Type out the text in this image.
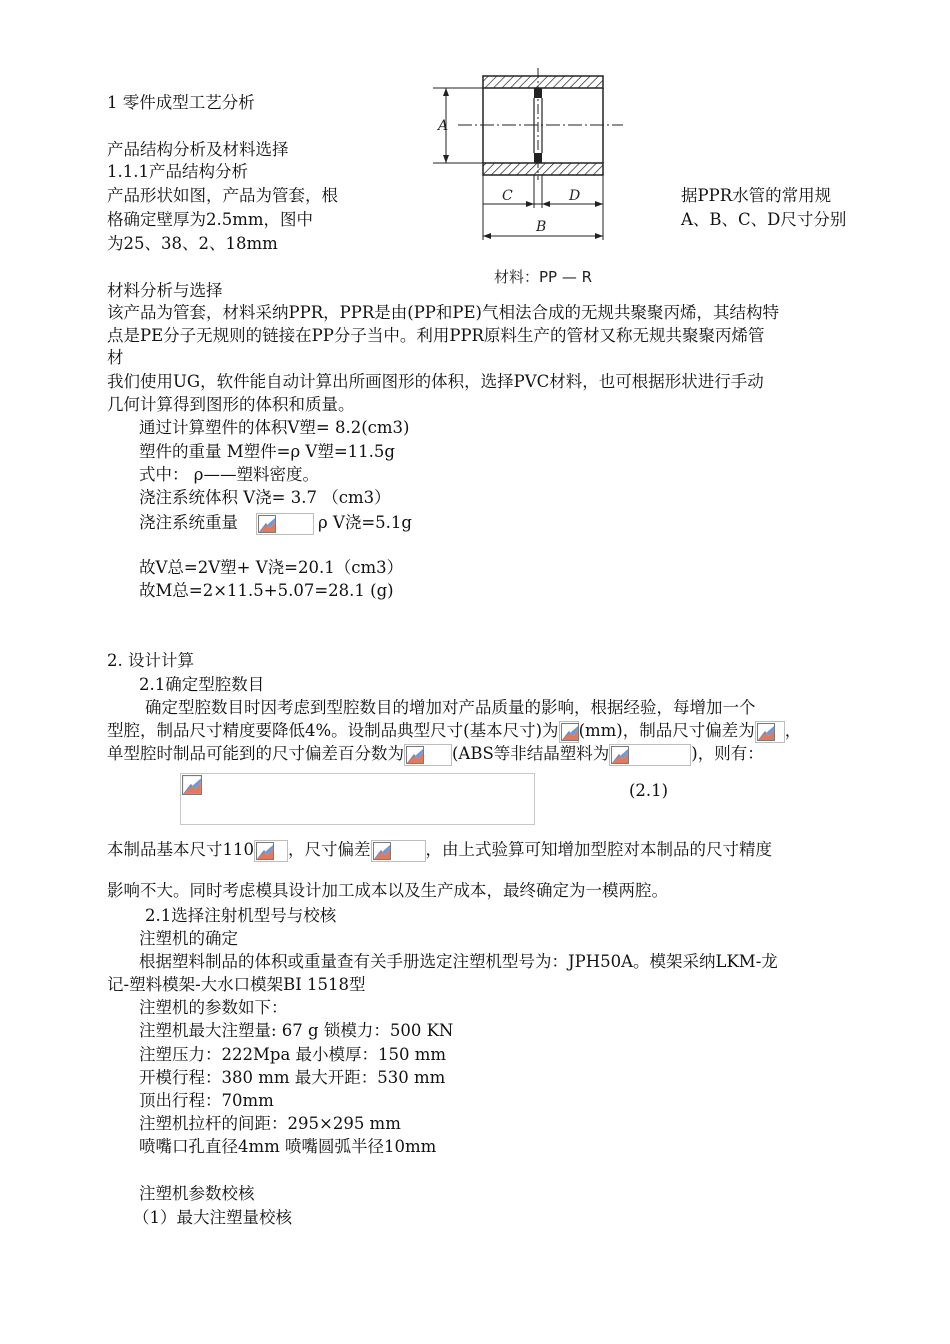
1 零件成型工艺分析
产品结构分析及材料选择
1.1.1产品结构分析
产品形状如图，产品为管套，根	据PPR水管的常用规
格确定壁厚为2.5mm，图中	A、B、C、D尺寸分别
为25、38、2、18mm
A
C	D
B
材料：PP — R
材料分析与选择
该产品为管套，材料采纳PPR，PPR是由(PP和PE)气相法合成的无规共聚聚丙烯，其结构特
点是PE分子无规则的链接在PP分子当中。利用PPR原料生产的管材又称无规共聚聚丙烯管
材
我们使用UG，软件能自动计算出所画图形的体积，选择PVC材料，也可根据形状进行手动
几何计算得到图形的体积和质量。
通过计算塑件的体积V塑= 8.2(cm3)
塑件的重量 M塑件=ρ V塑=11.5g
式中： ρ——塑料密度。
浇注系统体积 V浇= 3.7 （cm3）
浇注系统重量	ρ V浇=5.1g
故V总=2V塑+ V浇=20.1（cm3）
故M总=2×11.5+5.07=28.1 (g)
2. 设计计算
2.1确定型腔数目
确定型腔数目时因考虑到型腔数目的增加对产品质量的影响，根据经验，每增加一个
型腔，制品尺寸精度要降低4%。设制品典型尺寸(基本尺寸)为 (mm)，制品尺寸偏差为 ，
单型腔时制品可能到的尺寸偏差百分数为	(ABS等非结晶塑料为	)，则有：
(2.1)
本制品基本尺寸110 ，尺寸偏差	，由上式验算可知增加型腔对本制品的尺寸精度
影响不大。同时考虑模具设计加工成本以及生产成本，最终确定为一模两腔。
2.1选择注射机型号与校核
注塑机的确定
根据塑料制品的体积或重量查有关手册选定注塑机型号为：JPH50A。模架采纳LKM-龙
记-塑料模架-大水口模架BI 1518型
注塑机的参数如下：
注塑机最大注塑量: 67 g 锁模力：500 KN
注塑压力：222Mpa 最小模厚：150 mm
开模行程：380 mm 最大开距：530 mm
顶出行程：70mm
注塑机拉杆的间距：295×295 mm
喷嘴口孔直径4mm 喷嘴圆弧半径10mm
注塑机参数校核
（1）最大注塑量校核
